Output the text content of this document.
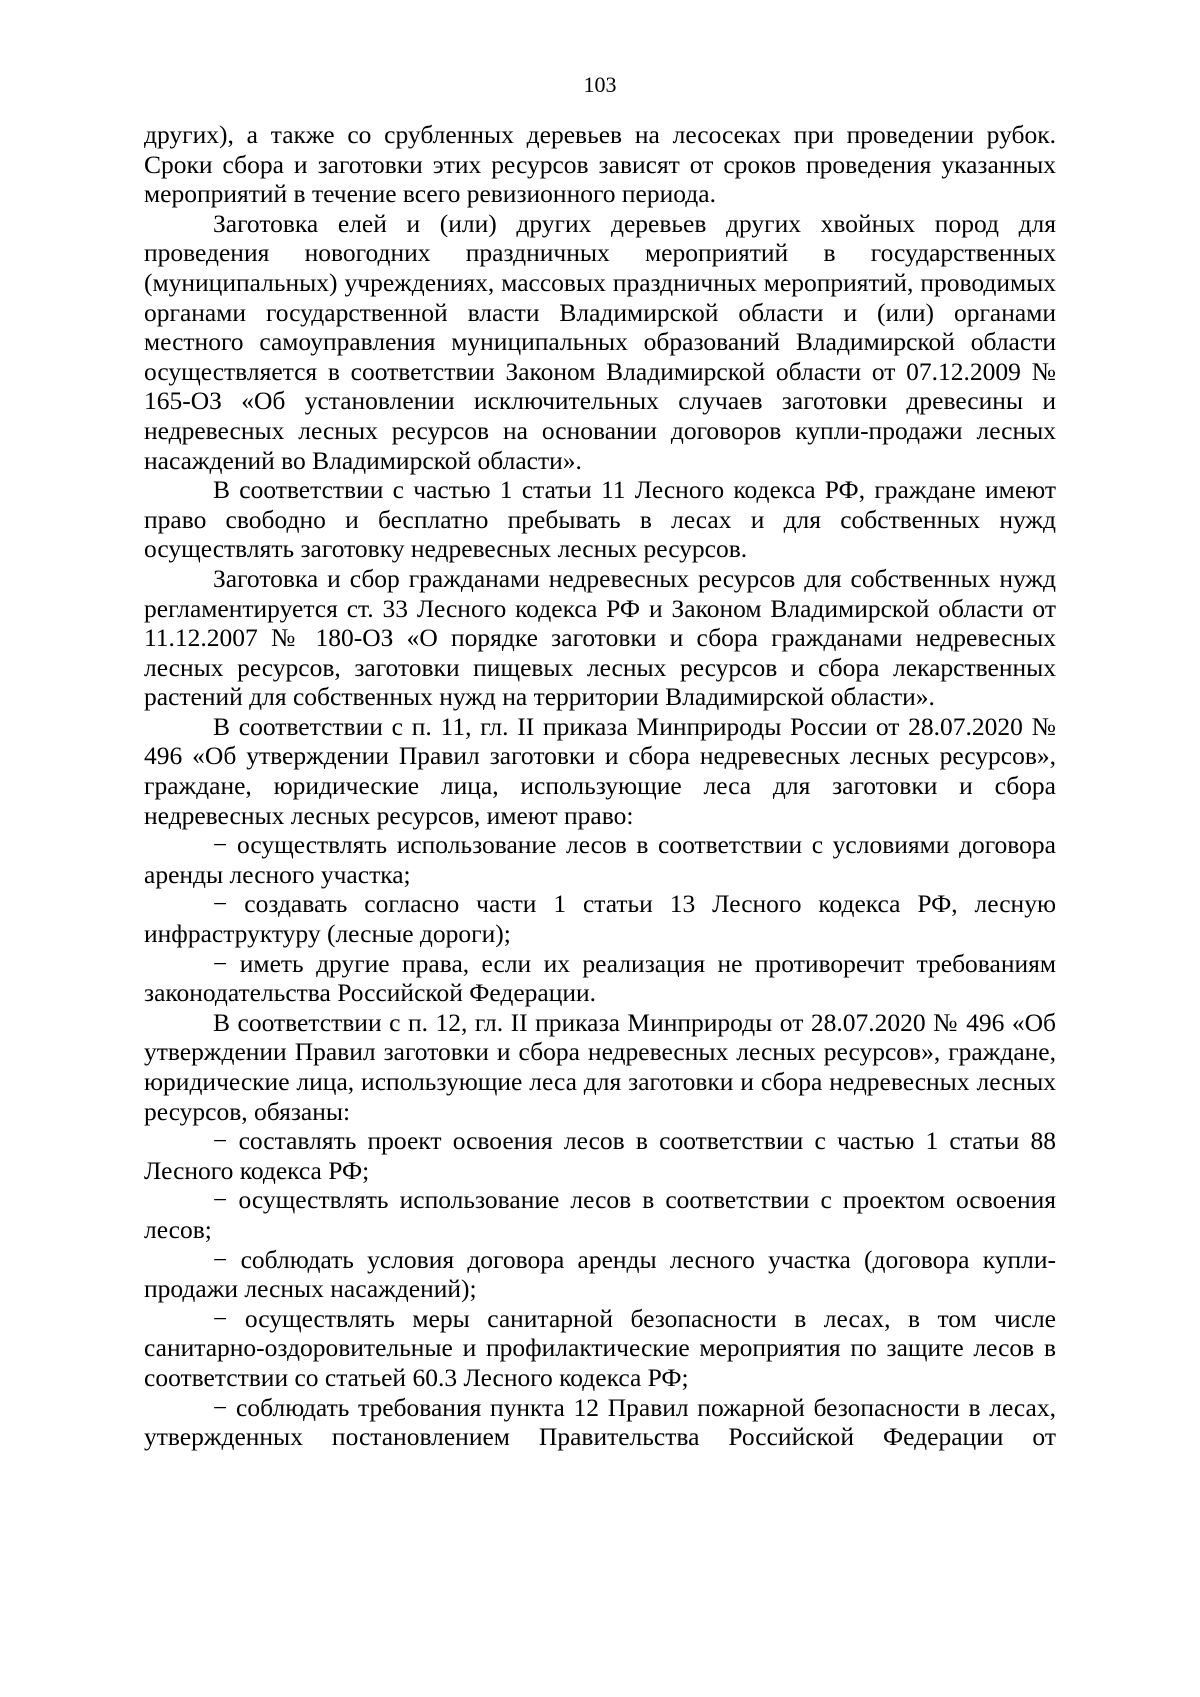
103

других), а также со срубленных деревьев на лесосеках при проведении рубок. Сроки сбора и заготовки этих ресурсов зависят от сроков проведения указанных мероприятий в течение всего ревизионного периода.

Заготовка елей и (или) других деревьев других хвойных пород для проведения новогодних праздничных мероприятий в государственных (муниципальных) учреждениях, массовых праздничных мероприятий, проводимых органами государственной власти Владимирской области и (или) органами местного самоуправления муниципальных образований Владимирской области осуществляется в соответствии Законом Владимирской области от 07.12.2009 № 165-ОЗ «Об установлении исключительных случаев заготовки древесины и недревесных лесных ресурсов на основании договоров купли-продажи лесных насаждений во Владимирской области».

В соответствии с частью 1 статьи 11 Лесного кодекса РФ, граждане имеют право свободно и бесплатно пребывать в лесах и для собственных нужд осуществлять заготовку недревесных лесных ресурсов.

Заготовка и сбор гражданами недревесных ресурсов для собственных нужд регламентируется ст. 33 Лесного кодекса РФ и Законом Владимирской области от 11.12.2007 № 180-ОЗ «О порядке заготовки и сбора гражданами недревесных лесных ресурсов, заготовки пищевых лесных ресурсов и сбора лекарственных растений для собственных нужд на территории Владимирской области».

В соответствии с п. 11, гл. II приказа Минприроды России от 28.07.2020 № 496 «Об утверждении Правил заготовки и сбора недревесных лесных ресурсов», граждане, юридические лица, использующие леса для заготовки и сбора недревесных лесных ресурсов, имеют право:

− осуществлять использование лесов в соответствии с условиями договора аренды лесного участка;

− создавать согласно части 1 статьи 13 Лесного кодекса РФ, лесную инфраструктуру (лесные дороги);

− иметь другие права, если их реализация не противоречит требованиям законодательства Российской Федерации.

В соответствии с п. 12, гл. II приказа Минприроды от 28.07.2020 № 496 «Об утверждении Правил заготовки и сбора недревесных лесных ресурсов», граждане, юридические лица, использующие леса для заготовки и сбора недревесных лесных ресурсов, обязаны:

− составлять проект освоения лесов в соответствии с частью 1 статьи 88 Лесного кодекса РФ;

− осуществлять использование лесов в соответствии с проектом освоения лесов;

− соблюдать условия договора аренды лесного участка (договора купли-продажи лесных насаждений);

− осуществлять меры санитарной безопасности в лесах, в том числе санитарно-оздоровительные и профилактические мероприятия по защите лесов в соответствии со статьей 60.3 Лесного кодекса РФ;

− соблюдать требования пункта 12 Правил пожарной безопасности в лесах, утвержденных постановлением Правительства Российской Федерации от
